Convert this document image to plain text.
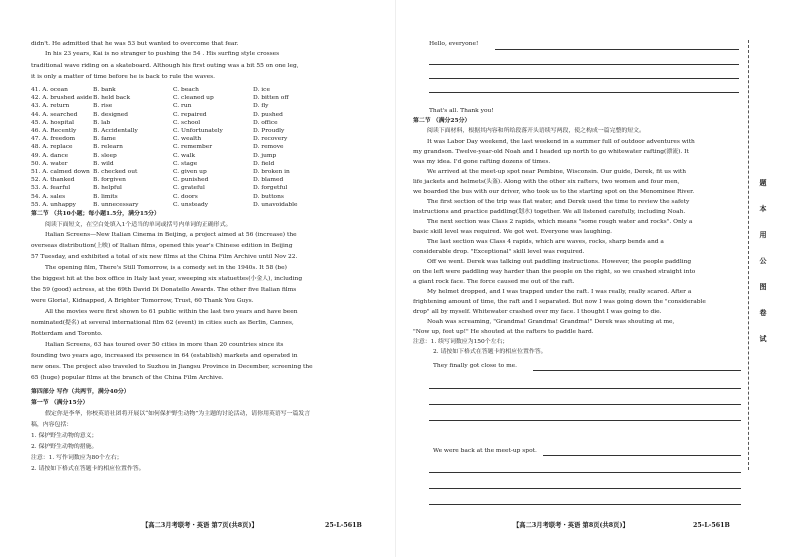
didn't. He admitted that he was 53 but wanted to overcome that fear.
In his 23 years, Kai is no stranger to pushing the 54 . His surfing style crosses
traditional wave riding on a skateboard. Although his first outing was a bit 55 on one leg,
it is only a matter of time before he is back to rule the waves.
41. A. ocean	B. bank	C. beach	D. ice
42. A. brushed aside	B. held back	C. cleaned up	D. bitten off
43. A. return	B. rise	C. run	D. fly
44. A. searched	B. designed	C. repaired	D. pushed
45. A. hospital	B. lab	C. school	D. office
46. A. Recently	B. Accidentally	C. Unfortunately	D. Proudly
47. A. freedom	B. fame	C. wealth	D. recovery
48. A. replace	B. relearn	C. remember	D. remove
49. A. dance	B. sleep	C. walk	D. jump
50. A. water	B. wild	C. stage	D. field
51. A. calmed down	B. checked out	C. given up	D. broken in
52. A. thanked	B. forgiven	C. punished	D. blamed
53. A. fearful	B. helpful	C. grateful	D. forgetful
54. A. sales	B. limits	C. doors	D. buttons
55. A. unhappy	B. unnecessary	C. unsteady	D. unavoidable
第二节 （共10小题；每小题1.5分，满分15分）
阅读下面短文，在空白处填入1个适当的单词或括号内单词的正确形式。
Italian Screens—New Italian Cinema in Beijing, a project aimed at 56 (increase) the
overseas distribution(上映) of Italian films, opened this year's Chinese edition in Beijing
57 Tuesday, and exhibited a total of six new films at the China Film Archive until Nov 22.
The opening film, There's Still Tomorrow, is a comedy set in the 1940s. It 58 (be)
the biggest hit at the box office in Italy last year, sweeping six statuettes(小金人), including
the 59 (good) actress, at the 69th David Di Donatello Awards. The other five Italian films
were Gloria!, Kidnapped, A Brighter Tomorrow, Trust, 60 Thank You Guys.
All the movies were first shown to 61 public within the last two years and have been
nominated(提名) at several international film 62 (event) in cities such as Berlin, Cannes,
Rotterdam and Toronto.
Italian Screens, 63 has toured over 50 cities in more than 20 countries since its
founding two years ago, increased its presence in 64 (establish) markets and operated in
new ones. The project also traveled to Suzhou in Jiangsu Province in December, screening the
65 (huge) popular films at the branch of the China Film Archive.
第四部分 写作（共两节，满分40分）
第一节 （满分15分）
假定你是李华，你校英语社团将开展以“如何保护野生动物”为主题的讨论活动，请你用英语写一篇发言
稿，内容包括：
1. 保护野生动物的意义；
2. 保护野生动物的措施。
注意：1. 写作词数应为80个左右；
2. 请按如下格式在答题卡的相应位置作答。
【高二3月考联考・英语 第7页(共8页)】	25-L-561B
Hello, everyone!
That's all. Thank you!
第二节 （满分25分）
阅读下面材料，根据其内容和所给段落开头语续写两段，使之构成一篇完整的短文。
It was Labor Day weekend, the last weekend in a summer full of outdoor adventures with
my grandson. Twelve-year-old Noah and I headed up north to go whitewater rafting(漂流). It
was my idea. I'd gone rafting dozens of times.
We arrived at the meet-up spot near Pembine, Wisconsin. Our guide, Derek, fit us with
life jackets and helmets(头盔). Along with the other six rafters, two women and four men,
we boarded the bus with our driver, who took us to the starting spot on the Menominee River.
The first section of the trip was flat water, and Derek used the time to review the safety
instructions and practice paddling(划水) together. We all listened carefully, including Noah.
The next section was Class 2 rapids, which means "some rough water and rocks". Only a
basic skill level was required. We got wet. Everyone was laughing.
The last section was Class 4 rapids, which are waves, rocks, sharp bends and a
considerable drop. "Exceptional" skill level was required.
Off we went. Derek was talking out paddling instructions. However, the people paddling
on the left were paddling way harder than the people on the right, so we crashed straight into
a giant rock face. The force caused me out of the raft.
My helmet dropped, and I was trapped under the raft. I was really, really scared. After a
frightening amount of time, the raft and I separated. But now I was going down the "considerable
drop" all by myself. Whitewater crashed over my face. I thought I was going to die.
Noah was screaming, "Grandma! Grandma! Grandma!" Derek was shouting at me,
"Now up, feet up!" He shouted at the rafters to paddle hard.
注意：1. 续写词数应为150个左右；
2. 请按如下格式在答题卡的相应位置作答。
They finally got close to me.
We were back at the meet-up spot.
【高二3月考联考・英语 第8页(共8页)】	25-L-561B
题 本 用 公 图 卷 试
